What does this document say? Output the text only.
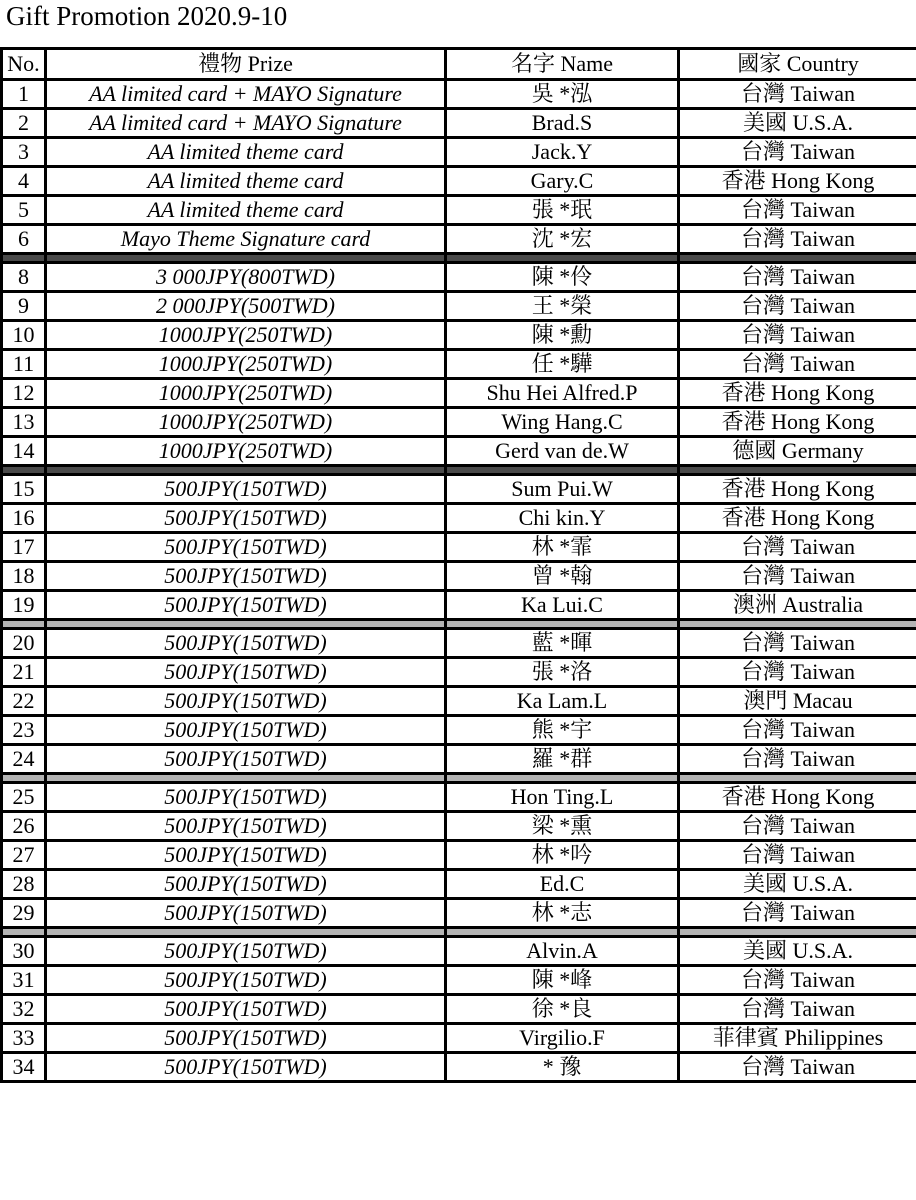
Gift Promotion 2020.9-10
No.	禮物 Prize	名字 Name	國家 Country
1	AA limited card + MAYO Signature	吳 *泓	台灣 Taiwan
2	AA limited card + MAYO Signature	Brad.S	美國 U.S.A.
3	AA limited theme card	Jack.Y	台灣 Taiwan
4	AA limited theme card	Gary.C	香港 Hong Kong
5	AA limited theme card	張 *珉	台灣 Taiwan
6	Mayo Theme Signature card	沈 *宏	台灣 Taiwan

8	3 000JPY(800TWD)	陳 *伶	台灣 Taiwan
9	2 000JPY(500TWD)	王 *榮	台灣 Taiwan
10	1000JPY(250TWD)	陳 *勳	台灣 Taiwan
11	1000JPY(250TWD)	任 *驊	台灣 Taiwan
12	1000JPY(250TWD)	Shu Hei Alfred.P	香港 Hong Kong
13	1000JPY(250TWD)	Wing Hang.C	香港 Hong Kong
14	1000JPY(250TWD)	Gerd van de.W	德國 Germany

15	500JPY(150TWD)	Sum Pui.W	香港 Hong Kong
16	500JPY(150TWD)	Chi kin.Y	香港 Hong Kong
17	500JPY(150TWD)	林 *霏	台灣 Taiwan
18	500JPY(150TWD)	曾 *翰	台灣 Taiwan
19	500JPY(150TWD)	Ka Lui.C	澳洲 Australia

20	500JPY(150TWD)	藍 *暉	台灣 Taiwan
21	500JPY(150TWD)	張 *洛	台灣 Taiwan
22	500JPY(150TWD)	Ka Lam.L	澳門 Macau
23	500JPY(150TWD)	熊 *宇	台灣 Taiwan
24	500JPY(150TWD)	羅 *群	台灣 Taiwan

25	500JPY(150TWD)	Hon Ting.L	香港 Hong Kong
26	500JPY(150TWD)	梁 *熏	台灣 Taiwan
27	500JPY(150TWD)	林 *吟	台灣 Taiwan
28	500JPY(150TWD)	Ed.C	美國 U.S.A.
29	500JPY(150TWD)	林 *志	台灣 Taiwan

30	500JPY(150TWD)	Alvin.A	美國 U.S.A.
31	500JPY(150TWD)	陳 *峰	台灣 Taiwan
32	500JPY(150TWD)	徐 *良	台灣 Taiwan
33	500JPY(150TWD)	Virgilio.F	菲律賓 Philippines
34	500JPY(150TWD)	* 豫	台灣 Taiwan
